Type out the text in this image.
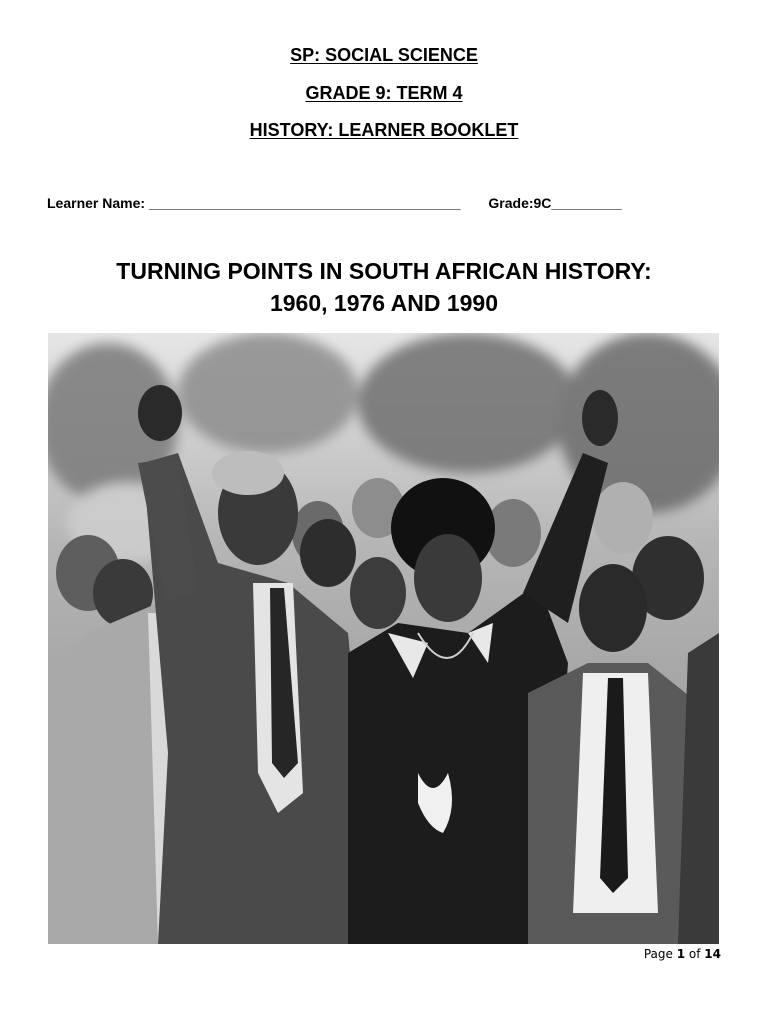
SP: SOCIAL SCIENCE
GRADE 9: TERM 4
HISTORY: LEARNER BOOKLET
Learner Name: ________________________________________ Grade:9C_________
TURNING POINTS IN SOUTH AFRICAN HISTORY:
1960, 1976 AND 1990
Page 1 of 14
